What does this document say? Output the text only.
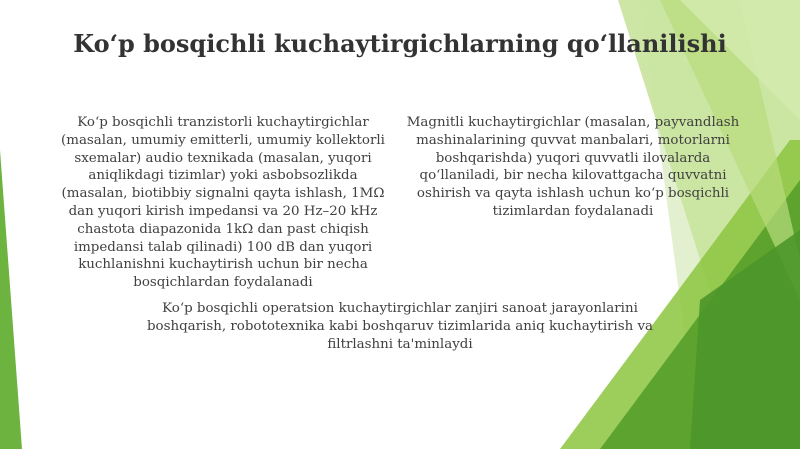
Koʻp bosqichli kuchaytirgichlarning qoʻllanilishi

Koʻp bosqichli tranzistorli kuchaytirgichlar (masalan, umumiy emitterli, umumiy kollektorli sxemalar) audio texnikada (masalan, yuqori aniqlikdagi tizimlar) yoki asbobsozlikda (masalan, biotibbiy signalni qayta ishlash, 1MΩ dan yuqori kirish impedansi va 20 Hz–20 kHz chastota diapazonida 1kΩ dan past chiqish impedansi talab qilinadi) 100 dB dan yuqori kuchlanishni kuchaytirish uchun bir necha bosqichlardan foydalanadi

Magnitli kuchaytirgichlar (masalan, payvandlash mashinalarining quvvat manbalari, motorlarni boshqarishda) yuqori quvvatli ilovalarda qoʻllaniladi, bir necha kilovattgacha quvvatni oshirish va qayta ishlash uchun koʻp bosqichli tizimlardan foydalanadi

Koʻp bosqichli operatsion kuchaytirgichlar zanjiri sanoat jarayonlarini boshqarish, robototexnika kabi boshqaruv tizimlarida aniq kuchaytirish va filtrlashni ta'minlaydi
